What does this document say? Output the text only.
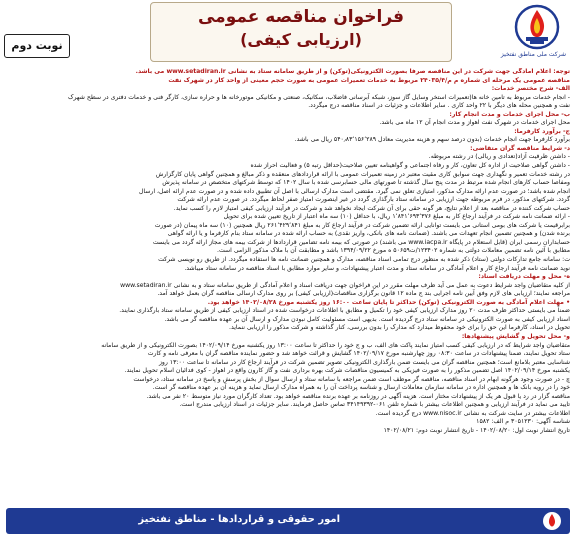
نوبت دوم
فراخوان مناقصه عمومی
(ارزیابی کیفی)
شرکت ملی مناطق نفتخیز

توجه: اعلام آمادگی جهت شرکت در این مناقصه صرفاً بصورت الکترونیکی(توکن) و از طریق سامانه ستاد به نشانی www.setadiran.ir می باشد.

مناقصه عمومی یک مرحله ای شماره م م/۲۴۰۳۵/۴ مربوط به خدمات تعمیرات عمومی به صورت حجم معینی از واحد کار در شهرک نفت

الف- شرح مختصر خدمات:

- انجام خدمات مربوط به تامین خانه ها(تعمیرات استخر وسایل گاز سوز، شبکه آبرسانی فاضلاب، سکانیک، صنعتی و مکانیکی موتورخانه ها و حراره سازی، کارگر فنی و خدمات دفتری در سطح شهرک

نفت و همچنین محله های دیگر با ۲۲ واحد کاری . سایر اطلاعات و جزئیات در اسناد مناقصه درج میگردد.

ب- محل اجرای خدمات و مدت انجام کار:

محل اجرای خدمات در شهرک نفت اهواز و مدت انجام آن ۱۲ ماه می باشد.

ج- برآورد کارفرما:

برآورد کارفرما جهت انجام خدمات (بدون درصد سهم و هزینه مدیریت معادل ۵۴۰٫۸۳٬۱۵۶٬۲۸۹ ریال می باشد.

د- شرایط مناقصه گران متقاضی:

- داشتن ظرفیت آزاد(تعدادی و ریالی) در رشته مربوطه.

- داشتن گواهی صلاحیت از اداره کل تعاون، کار و رفاه اجتماعی و گواهینامه تعیین صلاحیت(حداقل رتبه ۵) و فعالیت احراز شده

در رشته خدمات تعمیر و نگهداری جهت سوابق کاری مقیت معتبر در زمینه تعمیرات عمومی با ارائه قراردادهای منعقده و ذکر مبالغ و همچنین گواهی پایان کارگزارش

ومفاصا حساب کارهای انجام شده مرتبط در مدت پنج سال گذشته تا صورتهای مالی حسابرسی شده با سال ۱۴۰۲ که توسط شرکتهای متخصص در سامانه پذیرش

انجام شده باشد؛ در صورت عدم ارائه مدارک مذکور، امتیازی تعلق نمی گیرد. مقتضی است مدارک ارسالی با اصل آن تطبیق داده شده و در صورت عدم ارائه اصل، ارسال

گردد. شرکتهای مذکور، در فرم مربوطه جهت ارزیابی در سامانه ستاد بارگذاری گردد در غیر اینصورت امتیاز صفر لحاظ میگردد. در صورت عدم ارائه شرکت

حساب شرکت کننده در مناقصه بعد از اعلام نتایج، هر گونه حقی برای آن شرکت ایجاد نخواهد شد و شرکت در فرآیند ارزیابی کیفی امتیاز لازم را کسب نماید.

- ارائه ضمانت نامه شرکت در فرآیند ارجاع کار به مبلغ ۱٬۸۴۱٬۶۹۳٬۳۷۶ ریال، با حداقل (۱۰) سه ماه اعتبار از تاریخ تعیین شده برای تحویل

برابرقیمت یا شرکت های بومی استانی می بایست توانایی ارائه تضمین شرکت در فرآیند ارجاع کار به مبلغ ۲۶۱٬۴۲۹٬۸۴۱ ریال همچنین (۱۰) سه ماه پیمان (در صورت

برنده شدن) و همچنین تضمین انجام تعهدات می باشند. (ضمانت نامه های بانکی، واریز نقدی) به حساب ارائه شده در سامانه ستاد بنام کارفرما و یا ارائه گواهی

حسابداران رسمی ایران (قابل استعلام در پایگاه www.iacpa.ir می باشند) در صورتی که بیمه نامه تضامین قراردادها از شرکت بیمه های مجاز ارائه گردد می بایست

مطابق با آئین نامه تضمین معاملات دولتی به شماره ۱۲۳۴۰۲/ت۵۰۶۵۹ ه مورخ ۱۳۹۴/۰۹/۲۲ باشد و مطابقت آن با ملاک مذکور الزامی است.

ت: سامانه جامع تدارکات دولتی (ستاد) ذکر شده به منظور درج تمامی اسناد مناقصه، مدارک و همچنین ضمانت نامه ها استفاده میگردد. از طریق رو نویسی شرکت

نوید ضمانت نامه فرآیند ارجاع کار و اعلام آمادگی در سامانه ستاد و مدت اعتبار پیشنهادات، و سایر موارد مطابق با اسناد مناقصه در سامانه ستاد میباشد.

ه- محل و مهلت دریافت اسناد:

از کلیه متقاضیان واجد شرایط دعوت به عمل می آید ظرف مهلت مقرر در این فراخوان جهت دریافت اسناد و اعلام آمادگی از طریق سامانه ستاد و به نشانی www.setadiran.ir

مراجعه نمایند؛ ارزیابی های لازم وفق آیین نامه اجرایی بند ج ماده ۱۲ قانون برگزاری مناقصات(ارزیابی کیفی) بر روی مدارک ارسالی مناقصه گران بعمل خواهد آمد.

• مهلت اعلام آمادگی به صورت الکترونیکی (توکن) حداکثر تا پایان ساعت ۱۶:۰۰ روز یکشنبه مورخ ۱۴۰۲/۰۸/۲۸ خواهد بود.

ضمناً می بایستی حداکثر ظرف مدت ۲۰ روز مدارک ارزیابی کیفی خود را تکمیل و مطابق با اطلاعات درخواست شده در اسناد ارزیابی کیفی از طریق سامانه ستاد بارگذاری نمایند.

اسناد ارزیابی کیفی به صورت الکترونیکی در سامانه ستاد درج گردیده است. بدیهی است مسئولیت کامل نبودن مدارک و ارسال آن بر عهده مناقصه گر می باشد.

تحویل در اسناد، کارفرما این حق را برای خود محفوظ میدارد که مدارک را بدون بررسی، کنار گذاشته و شرکت مذکور را ارزیابی ننماید.

و- محل تحویل و گشایش پیشنهادها:

متقاضیان واجد شرایط که در ارزیابی کیفی کسب امتیاز نمایند پاکت های الف، ب و ج خود را حداکثر تا ساعت ۱۳:۰۰ روز یکشنبه مورخ ۱۴۰۲/۰۹/۱۴ بصورت الکترونیکی و از طریق سامانه

ستاد تحویل نمایند، ضمنا پیشنهادات در ساعت ۰۸:۳۰ روز چهارشنبه مورخ ۱۴۰۲/۰۹/۱۷ گشایش و قرائت خواهد شد و حضور نماینده مناقصه گران با معرفی نامه و کارت

شناسایی معتبر بلامانع است؛ همچنین مناقصه گران می بایست ضمن بارگذاری الکترونیکی تصویر تضمین شرکت در فرآیند ارجاع کار در سامانه تا ساعت ۱۳:۰۰ روز

یکشنبه مورخ ۱۴۰۲/۰۹/۱۴ اصل تضمین مذکور را به صورت فیزیکی به کمیسیون مناقصات شرکت بهره برداری نفت و گاز کارون واقع در اهواز - کوی فدائیان اسلام تحویل نمایند.

چ - در صورت وجود هرگونه ابهام در اسناد مناقصه، مناقصه گر موظف است ضمن مراجعه با سامانه ستاد و ارسال سوال از بخش پرسش و پاسخ در سامانه ستاد، درخواست

خود را در رویه بانک ها و همچنین اداره در سامانه سازمان معاملات ارسال و شناسه پرداخت آن را به همراه مدارک ارسال نماید و هزینه آن بر عهده مناقصه گر است.

مناقصه گزار در رد یا قبول هر یک از پیشنهادات مختار است. هزینه آگهی در روزنامه بر عهده برنده مناقصه خواهد بود. تعداد کارگران مورد نیاز متوسط ۲۰ نفر می باشد.

تایید می نماید در فرآیند ارزیابی و همچنین اطلاعات بیشتر با شماره تلفن ۰۶۱-۳۴۱۴۹۳۹۲ تماس حاصل فرمایند. سایر جزئیات در اسناد ارزیابی مندرج است.

اطلاعات بیشتر در سایت شرکت به نشانی www.nisoc.ir درج گردیده است.

شناسه آگهی: ۳۰۵۱۲۳۰ م الف: ۱۵۸۲

تاریخ انتشار نوبت اول: ۱۴۰۲/۰۸/۲۰ - تاریخ انتشار نوبت دوم: ۱۴۰۲/۰۸/۲۱

امور حقوقی و قراردادها - مناطق نفتخیز
